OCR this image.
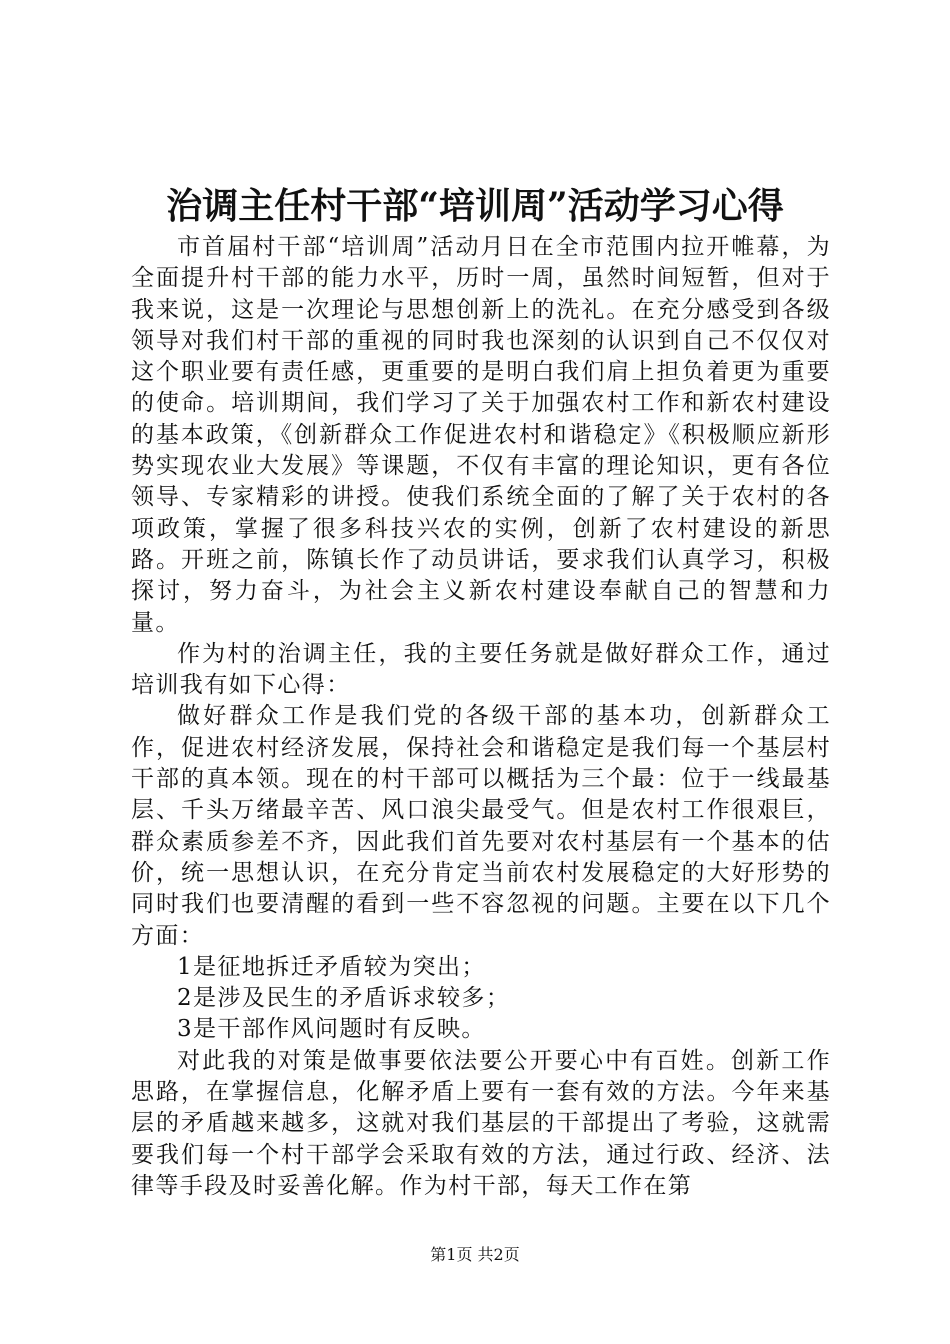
治调主任村干部“培训周”活动学习心得

市首届村干部“培训周”活动月日在全市范围内拉开帷幕，为全面提升村干部的能力水平，历时一周，虽然时间短暂，但对于我来说，这是一次理论与思想创新上的洗礼。在充分感受到各级领导对我们村干部的重视的同时我也深刻的认识到自己不仅仅对这个职业要有责任感，更重要的是明白我们肩上担负着更为重要的使命。培训期间，我们学习了关于加强农村工作和新农村建设的基本政策，《创新群众工作促进农村和谐稳定》《积极顺应新形势实现农业大发展》等课题，不仅有丰富的理论知识，更有各位领导、专家精彩的讲授。使我们系统全面的了解了关于农村的各项政策，掌握了很多科技兴农的实例，创新了农村建设的新思路。开班之前，陈镇长作了动员讲话，要求我们认真学习，积极探讨，努力奋斗，为社会主义新农村建设奉献自己的智慧和力量。

作为村的治调主任，我的主要任务就是做好群众工作，通过培训我有如下心得：

做好群众工作是我们党的各级干部的基本功，创新群众工作，促进农村经济发展，保持社会和谐稳定是我们每一个基层村干部的真本领。现在的村干部可以概括为三个最：位于一线最基层、千头万绪最辛苦、风口浪尖最受气。但是农村工作很艰巨，群众素质参差不齐，因此我们首先要对农村基层有一个基本的估价，统一思想认识，在充分肯定当前农村发展稳定的大好形势的同时我们也要清醒的看到一些不容忽视的问题。主要在以下几个方面：

1是征地拆迁矛盾较为突出；

2是涉及民生的矛盾诉求较多；

3是干部作风问题时有反映。

对此我的对策是做事要依法要公开要心中有百姓。创新工作思路，在掌握信息，化解矛盾上要有一套有效的方法。今年来基层的矛盾越来越多，这就对我们基层的干部提出了考验，这就需要我们每一个村干部学会采取有效的方法，通过行政、经济、法律等手段及时妥善化解。作为村干部，每天工作在第

第1页 共2页
